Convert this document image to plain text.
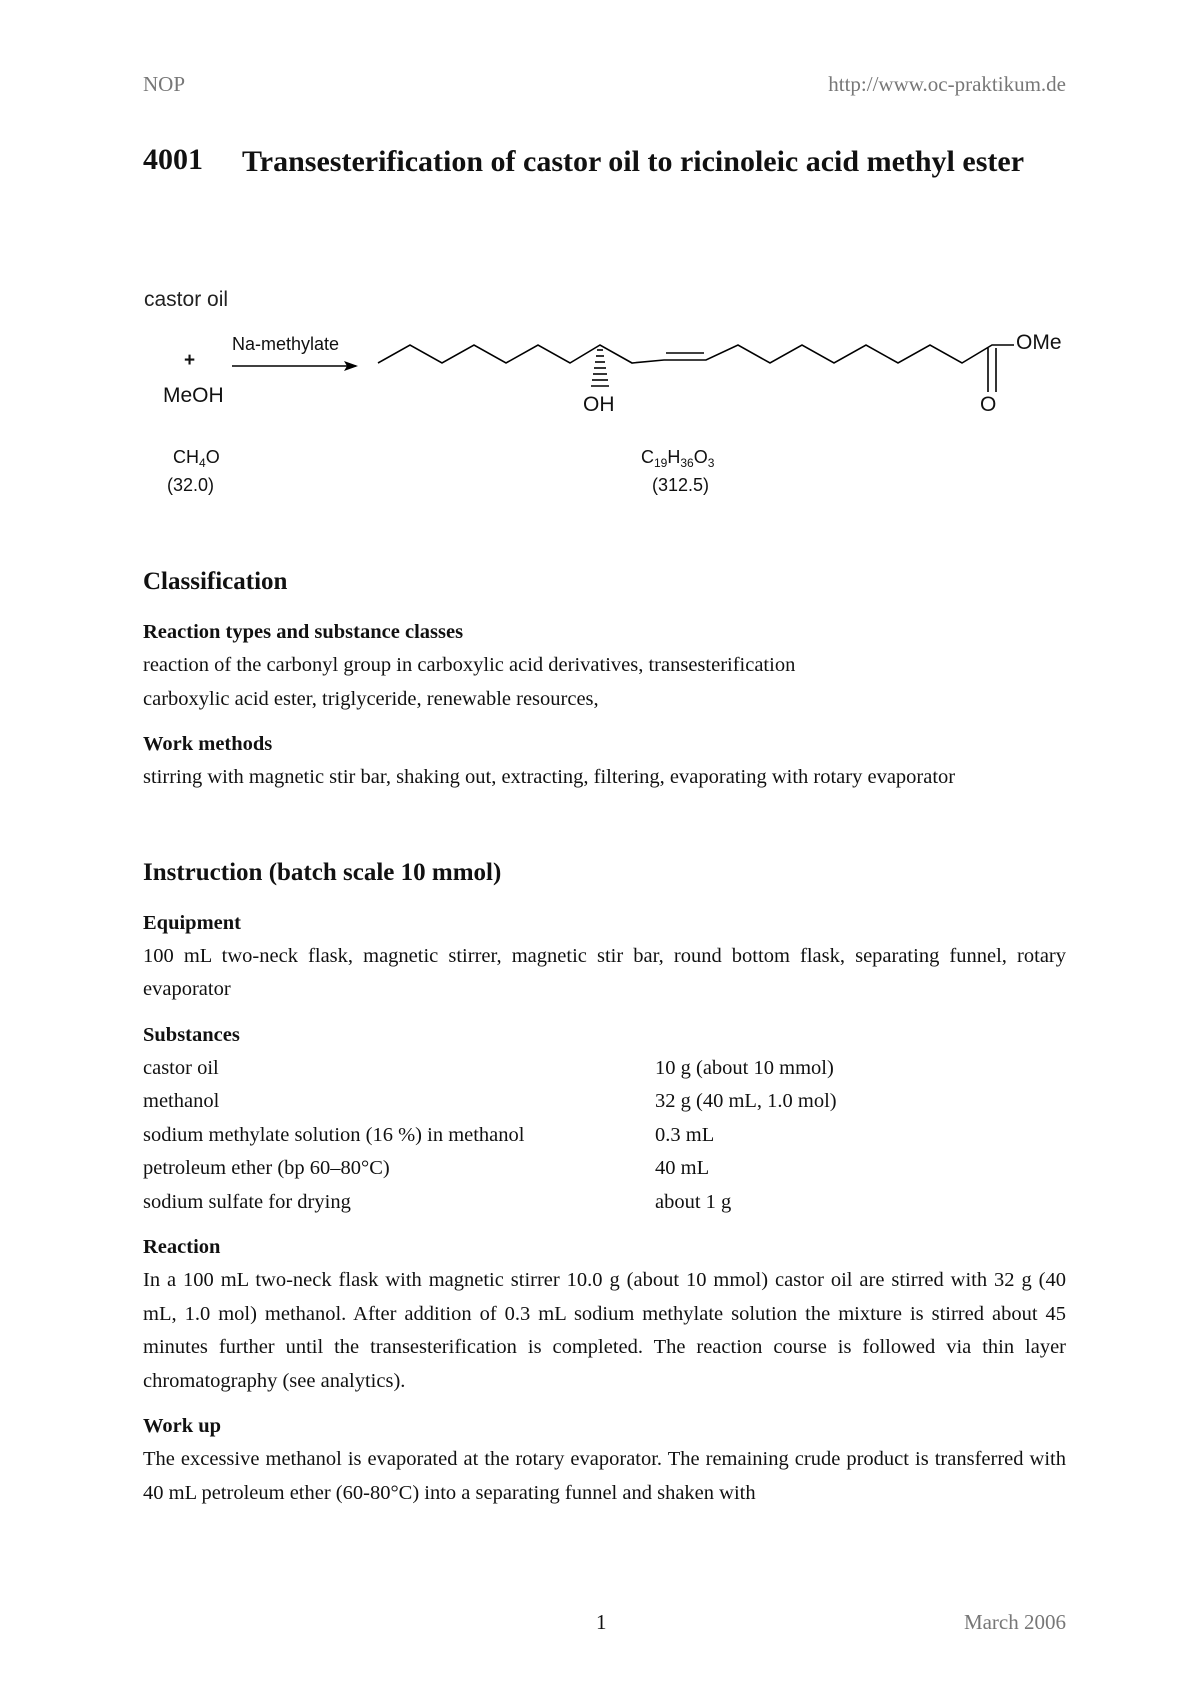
NOP	http://www.oc-praktikum.de
4001 Transesterification of castor oil to ricinoleic acid methyl ester
castor oil
+
MeOH
Na-methylate	OMe
OH	O
$CH_4O$
(32.0)
$C_{19}H_{36}O_3$
(312.5)
Classification
Reaction types and substance classes

reaction of the carbonyl group in carboxylic acid derivatives, transesterification

carboxylic acid ester, triglyceride, renewable resources,

Work methods

stirring with magnetic stir bar, shaking out, extracting, filtering, evaporating with rotary evaporator

Instruction (batch scale 10 mmol)
Equipment

100 mL two-neck flask, magnetic stirrer, magnetic stir bar, round bottom flask, separating funnel, rotary evaporator

Substances
castor oil	10 g (about 10 mmol)
methanol	32 g (40 mL, 1.0 mol)
sodium methylate solution (16 %) in methanol	0.3 mL
petroleum ether (bp 60–80°C)	40 mL
sodium sulfate for drying	about 1 g
Reaction

In a 100 mL two-neck flask with magnetic stirrer 10.0 g (about 10 mmol) castor oil are stirred with 32 g (40 mL, 1.0 mol) methanol. After addition of 0.3 mL sodium methylate solution the mixture is stirred about 45 minutes further until the transesterification is completed. The reaction course is followed via thin layer chromatography (see analytics).

Work up

The excessive methanol is evaporated at the rotary evaporator. The remaining crude product is transferred with 40 mL petroleum ether (60-80°C) into a separating funnel and shaken with

1	March 2006
